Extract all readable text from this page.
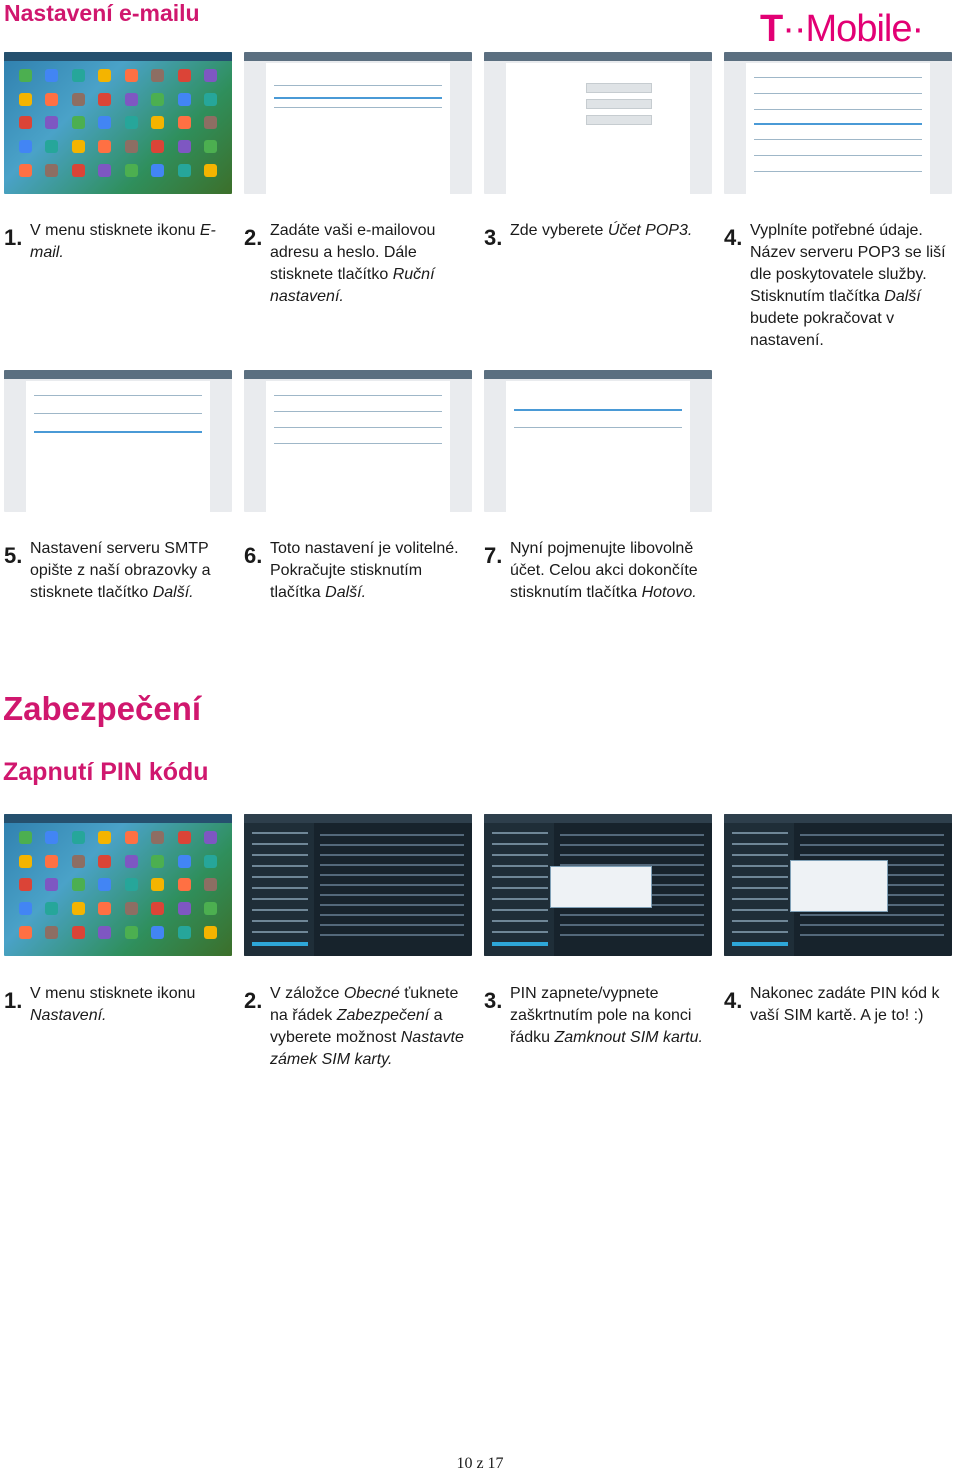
Nastavení e-mailu	T··Mobile·
1. V menu stisknete ikonu E-mail.
2. Zadáte vaši e-mailovou adresu a heslo. Dále stisknete tlačítko Ruční nastavení.
3. Zde vyberete Účet POP3.	4. Vyplníte potřebné údaje. Název serveru POP3 se liší dle poskytovatele služby. Stisknutím tlačítka Další budete pokračovat v nastavení.
5. Nastavení serveru SMTP opište z naší obrazovky a stisknete tlačítko Další.
6. Toto nastavení je volitelné. Pokračujte stisknutím tlačítka Další.
7. Nyní pojmenujte libovolně účet. Celou akci dokončíte stisknutím tlačítka Hotovo.
Zabezpečení
Zapnutí PIN kódu
1. V menu stisknete ikonu Nastavení.
2. V záložce Obecné ťuknete na řádek Zabezpečení a vyberete možnost Nastavte zámek SIM karty.
3. PIN zapnete/vypnete zaškrtnutím pole na konci řádku Zamknout SIM kartu.
4. Nakonec zadáte PIN kód k vaší SIM kartě. A je to! :)
10 z 17
